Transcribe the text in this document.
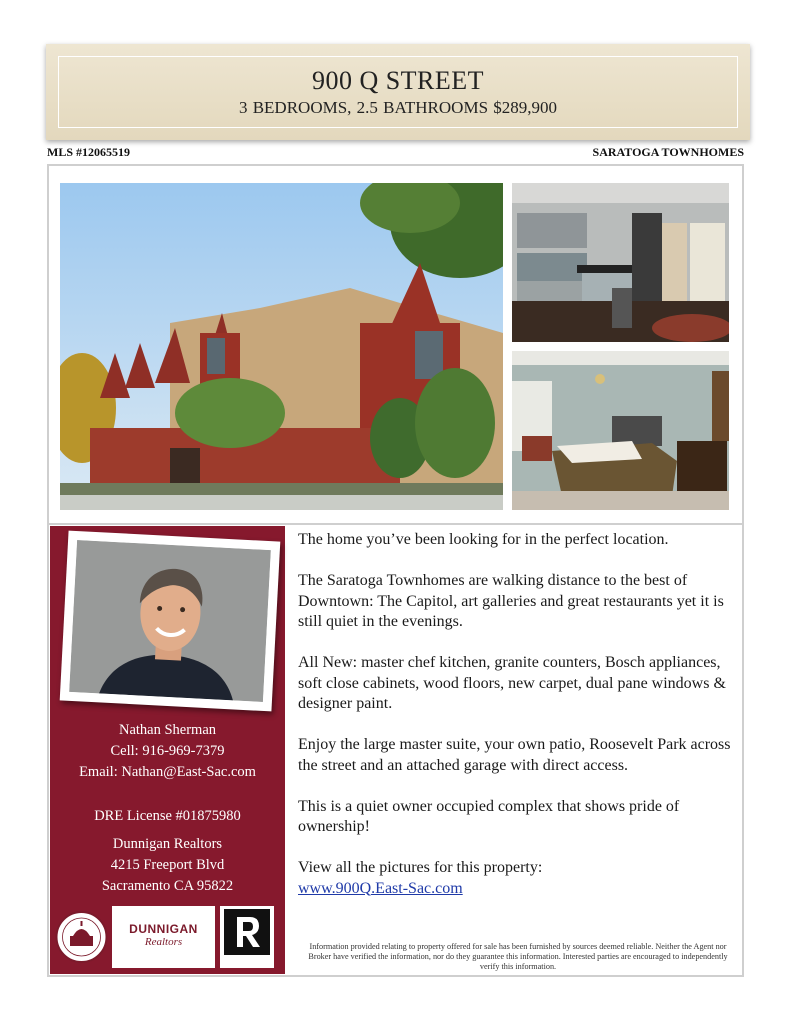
900 Q STREET
3 BEDROOMS, 2.5 BATHROOMS $289,900
MLS #12065519	SARATOGA TOWNHOMES
Nathan Sherman
Cell: 916-969-7379
Email: Nathan@East-Sac.com
DRE License #01875980
Dunnigan Realtors
4215 Freeport Blvd
Sacramento CA 95822
DUNNIGAN
Realtors

The home you’ve been looking for in the perfect location.

The Saratoga Townhomes are walking distance to the best of Downtown: The Capitol, art galleries and great restaurants yet it is still quiet in the evenings.

All New: master chef kitchen, granite counters, Bosch appliances, soft close cabinets, wood floors, new carpet, dual pane windows & designer paint.

Enjoy the large master suite, your own patio, Roosevelt Park across the street and an attached garage with direct access.

This is a quiet owner occupied complex that shows pride of ownership!

View all the pictures for this property:

www.900Q.East-Sac.com
Information provided relating to property offered for sale has been furnished by sources deemed reliable. Neither the Agent nor Broker have verified the information, nor do they guarantee this information. Interested parties are encouraged to independently verify this information.
